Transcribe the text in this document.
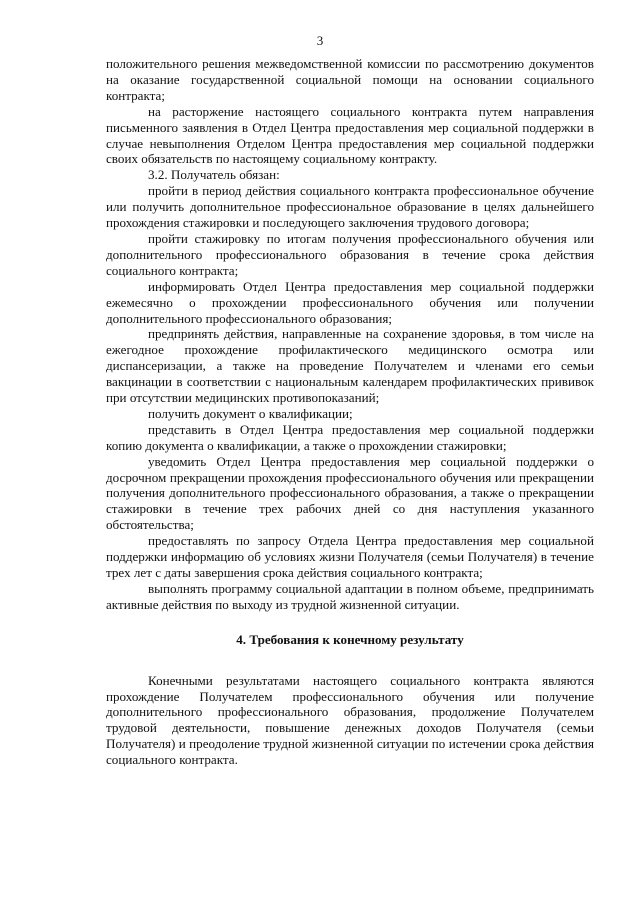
3

положительного решения межведомственной комиссии по рассмотрению документов на оказание государственной социальной помощи на основании социального контракта;

на расторжение настоящего социального контракта путем направления письменного заявления в Отдел Центра предоставления мер социальной поддержки в случае невыполнения Отделом Центра предоставления мер социальной поддержки своих обязательств по настоящему социальному контракту.

3.2. Получатель обязан:

пройти в период действия социального контракта профессиональное обучение или получить дополнительное профессиональное образование в целях дальнейшего прохождения стажировки и последующего заключения трудового договора;

пройти стажировку по итогам получения профессионального обучения или дополнительного профессионального образования в течение срока действия социального контракта;

информировать Отдел Центра предоставления мер социальной поддержки ежемесячно о прохождении профессионального обучения или получении дополнительного профессионального образования;

предпринять действия, направленные на сохранение здоровья, в том числе на ежегодное прохождение профилактического медицинского осмотра или диспансеризации, а также на проведение Получателем и членами его семьи вакцинации в соответствии с национальным календарем профилактических прививок при отсутствии медицинских противопоказаний;

получить документ о квалификации;

представить в Отдел Центра предоставления мер социальной поддержки копию документа о квалификации, а также о прохождении стажировки;

уведомить Отдел Центра предоставления мер социальной поддержки о досрочном прекращении прохождения профессионального обучения или прекращении получения дополнительного профессионального образования, а также о прекращении стажировки в течение трех рабочих дней со дня наступления указанного обстоятельства;

предоставлять по запросу Отдела Центра предоставления мер социальной поддержки информацию об условиях жизни Получателя (семьи Получателя) в течение трех лет с даты завершения срока действия социального контракта;

выполнять программу социальной адаптации в полном объеме, предпринимать активные действия по выходу из трудной жизненной ситуации.

4. Требования к конечному результату

Конечными результатами настоящего социального контракта являются прохождение Получателем профессионального обучения или получение дополнительного профессионального образования, продолжение Получателем трудовой деятельности, повышение денежных доходов Получателя (семьи Получателя) и преодоление трудной жизненной ситуации по истечении срока действия социального контракта.
